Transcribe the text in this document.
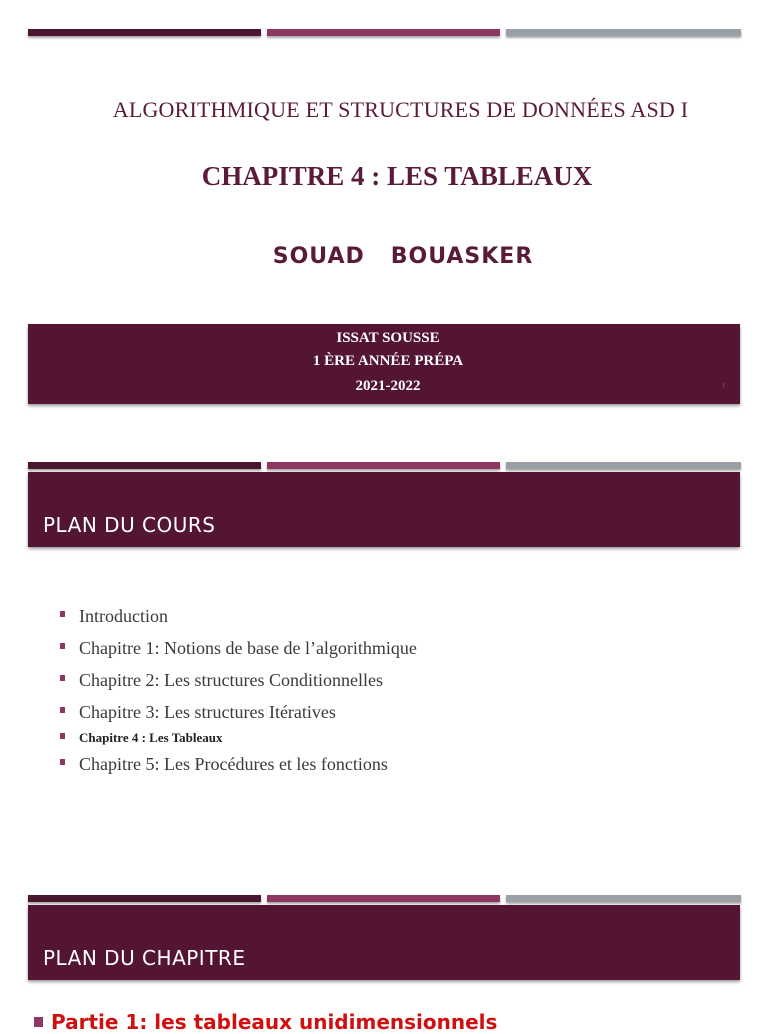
ALGORITHMIQUE ET STRUCTURES DE DONNÉES ASD I
CHAPITRE 4 : LES TABLEAUX
SOUAD   BOUASKER
ISSAT SOUSSE
1 ÈRE ANNÉE PRÉPA
2021-2022	1
PLAN DU COURS
Introduction
Chapitre 1: Notions de base de l’algorithmique
Chapitre 2: Les structures Conditionnelles
Chapitre 3: Les structures Itératives
Chapitre 4 : Les Tableaux
Chapitre 5: Les Procédures et les fonctions
PLAN DU CHAPITRE
Partie 1: les tableaux unidimensionnels
